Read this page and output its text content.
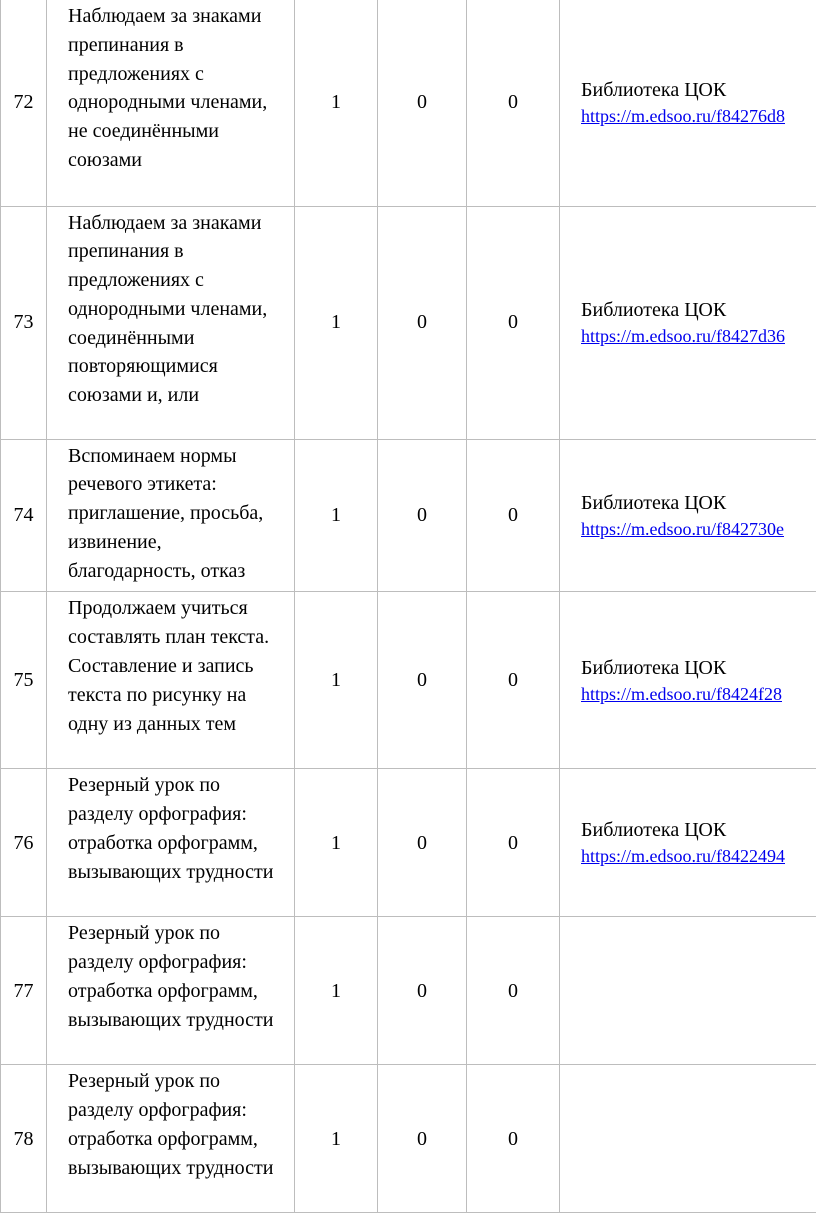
72	Наблюдаем за знаками препинания в предложениях с однородными членами, не соединёнными союзами	1	0	0	Библиотека ЦОК
https://m.edsoo.ru/f84276d8

73	Наблюдаем за знаками препинания в предложениях с однородными членами, соединёнными повторяющимися союзами и, или	1	0	0	Библиотека ЦОК
https://m.edsoo.ru/f8427d36

74	Вспоминаем нормы речевого этикета: приглашение, просьба, извинение, благодарность, отказ	1	0	0	Библиотека ЦОК
https://m.edsoo.ru/f842730e

75	Продолжаем учиться составлять план текста. Составление и запись текста по рисунку на одну из данных тем	1	0	0	Библиотека ЦОК
https://m.edsoo.ru/f8424f28

76	Резерный урок по разделу орфография: отработка орфограмм, вызывающих трудности	1	0	0	Библиотека ЦОК
https://m.edsoo.ru/f8422494

77	Резерный урок по разделу орфография: отработка орфограмм, вызывающих трудности	1	0	0	
78	Резерный урок по разделу орфография: отработка орфограмм, вызывающих трудности	1	0	0	
